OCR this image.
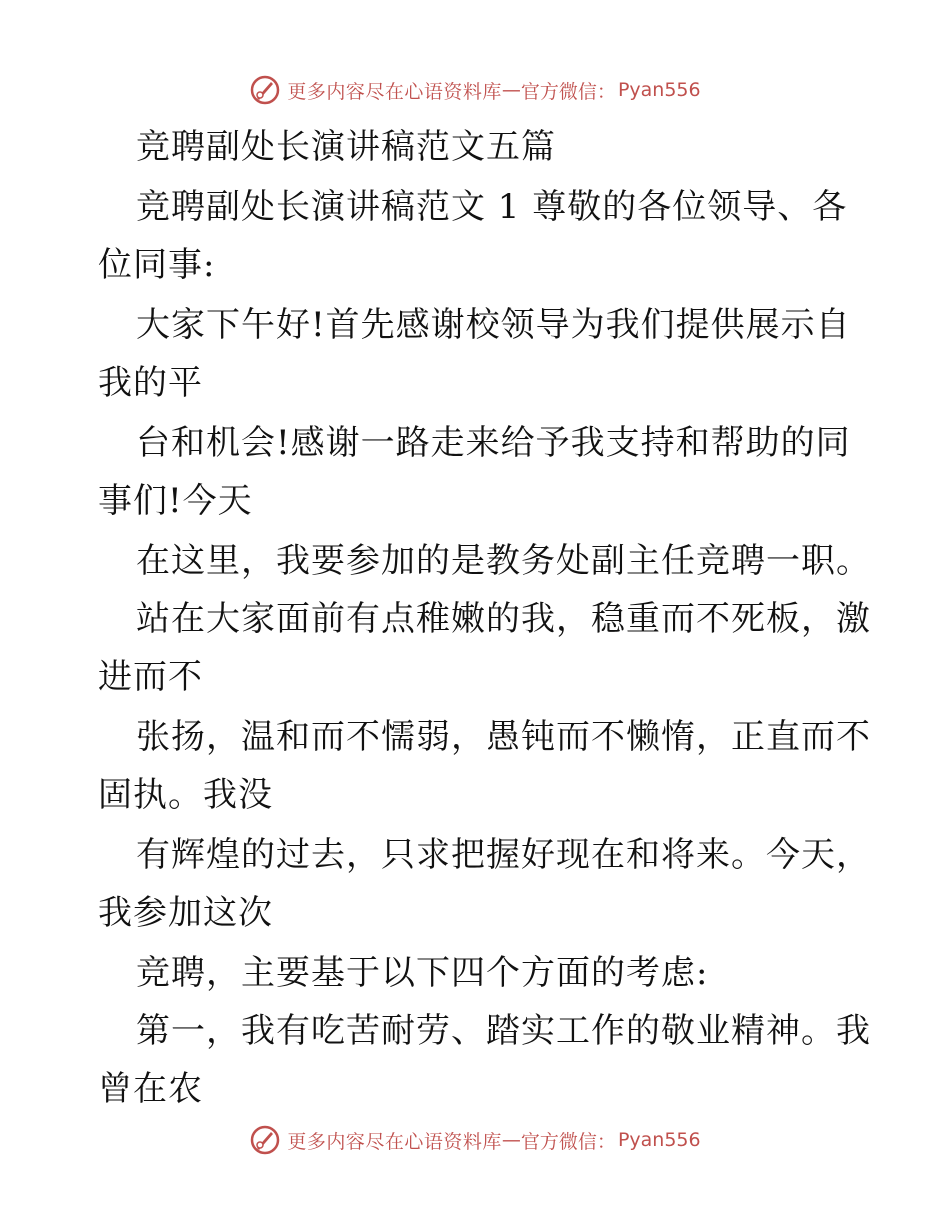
更多内容尽在心语资料库 — 官方微信： Pyan556
竞聘副处长演讲稿范文五篇
竞聘副处长演讲稿范文 1 尊敬的各位领导、各
位同事:
大家下午好!首先感谢校领导为我们提供展示自
我的平
台和机会!感谢一路走来给予我支持和帮助的同
事们!今天
在这里，我要参加的是教务处副主任竞聘一职。
站在大家面前有点稚嫩的我，稳重而不死板，激
进而不
张扬，温和而不懦弱，愚钝而不懒惰，正直而不
固执。我没
有辉煌的过去，只求把握好现在和将来。今天，
我参加这次
竞聘，主要基于以下四个方面的考虑:
第一，我有吃苦耐劳、踏实工作的敬业精神。我
曾在农
更多内容尽在心语资料库 — 官方微信： Pyan556
